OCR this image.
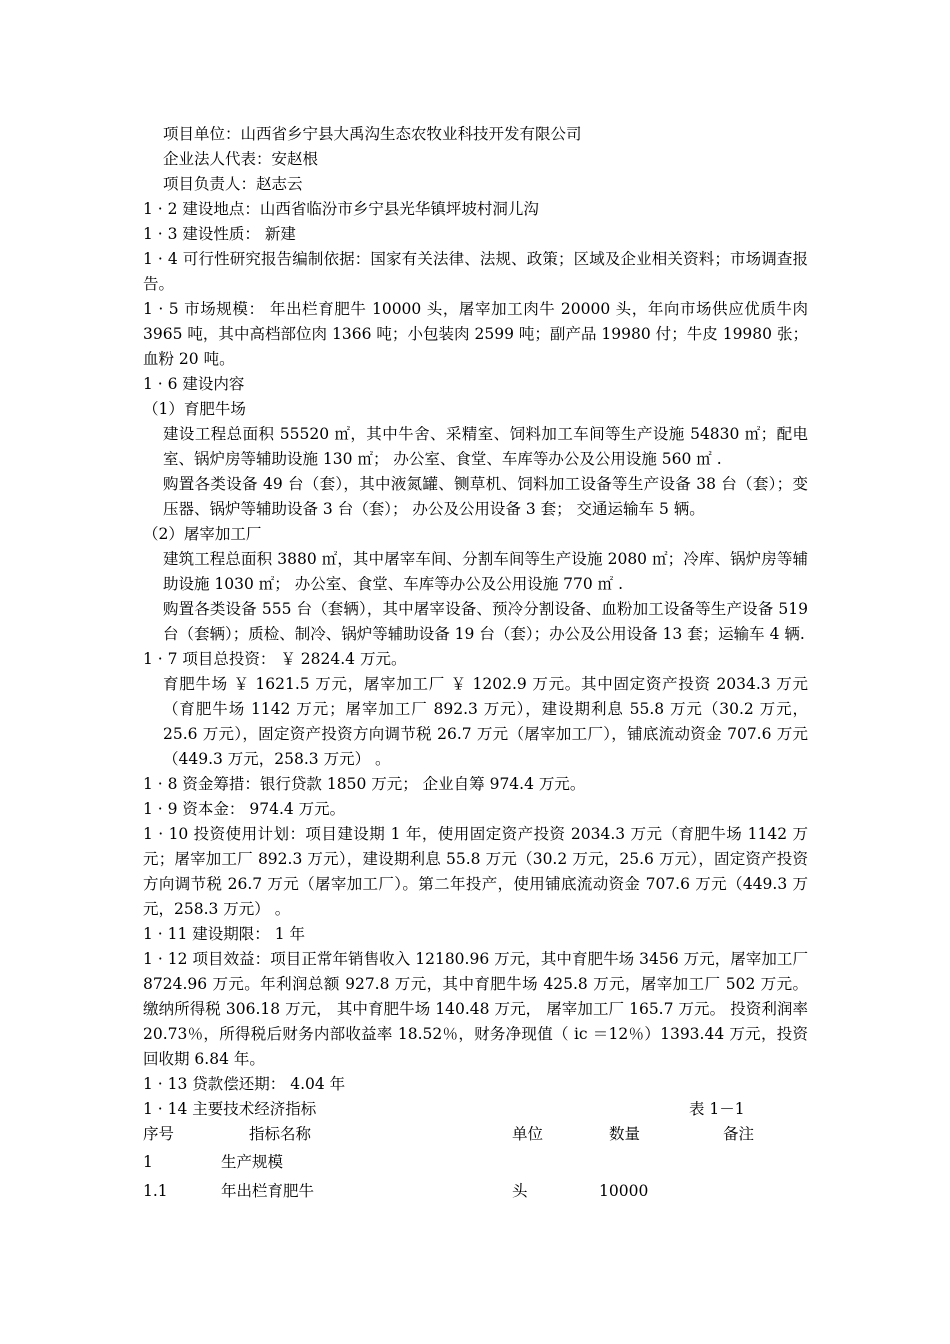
项目单位：山西省乡宁县大禹沟生态农牧业科技开发有限公司
企业法人代表：安赵根
项目负责人：赵志云
1 · 2 建设地点：山西省临汾市乡宁县光华镇坪坡村洞儿沟
1 · 3 建设性质： 新建
1 · 4 可行性研究报告编制依据：国家有关法律、法规、政策；区域及企业相关资料；市场调查报告。
1 · 5 市场规模： 年出栏育肥牛 10000 头，屠宰加工肉牛 20000 头，年向市场供应优质牛肉 3965 吨，其中高档部位肉 1366 吨；小包装肉 2599 吨；副产品 19980 付；牛皮 19980 张；血粉 20 吨。
1 · 6 建设内容
（1）育肥牛场
建设工程总面积 55520 ㎡，其中牛舍、采精室、饲料加工车间等生产设施 54830 ㎡；配电室、锅炉房等辅助设施 130 ㎡； 办公室、食堂、车库等办公及公用设施 560 ㎡ .
购置各类设备 49 台（套），其中液氮罐、铡草机、饲料加工设备等生产设备 38 台（套）；变压器、锅炉等辅助设备 3 台（套）； 办公及公用设备 3 套； 交通运输车 5 辆。
（2）屠宰加工厂
建筑工程总面积 3880 ㎡，其中屠宰车间、分割车间等生产设施 2080 ㎡；冷库、锅炉房等辅助设施 1030 ㎡； 办公室、食堂、车库等办公及公用设施 770 ㎡ .
购置各类设备 555 台（套辆），其中屠宰设备、预冷分割设备、血粉加工设备等生产设备 519 台（套辆）；质检、制冷、锅炉等辅助设备 19 台（套）；办公及公用设备 13 套；运输车 4 辆.
1 · 7 项目总投资： ￥ 2824.4 万元。
育肥牛场 ￥ 1621.5 万元，屠宰加工厂 ￥ 1202.9 万元。其中固定资产投资 2034.3 万元（育肥牛场 1142 万元；屠宰加工厂 892.3 万元），建设期利息 55.8 万元（30.2 万元，25.6 万元），固定资产投资方向调节税 26.7 万元（屠宰加工厂），铺底流动资金 707.6 万元（449.3 万元，258.3 万元） 。
1 · 8 资金筹措：银行贷款 1850 万元； 企业自筹 974.4 万元。
1 · 9 资本金： 974.4 万元。
1 · 10 投资使用计划：项目建设期 1 年，使用固定资产投资 2034.3 万元（育肥牛场 1142 万元；屠宰加工厂 892.3 万元），建设期利息 55.8 万元（30.2 万元，25.6 万元），固定资产投资方向调节税 26.7 万元（屠宰加工厂）。第二年投产，使用铺底流动资金 707.6 万元（449.3 万元，258.3 万元） 。
1 · 11 建设期限： 1 年
1 · 12 项目效益：项目正常年销售收入 12180.96 万元，其中育肥牛场 3456 万元，屠宰加工厂 8724.96 万元。年利润总额 927.8 万元，其中育肥牛场 425.8 万元，屠宰加工厂 502 万元。缴纳所得税 306.18 万元， 其中育肥牛场 140.48 万元， 屠宰加工厂 165.7 万元。 投资利润率 20.73％，所得税后财务内部收益率 18.52％，财务净现值（ ic ＝12％）1393.44 万元，投资回收期 6.84 年。
1 · 13 贷款偿还期： 4.04 年
1 · 14 主要技术经济指标	表 1－1
序号	指标名称	单位	数量	备注
1	生产规模
1.1	年出栏育肥牛	头	10000
